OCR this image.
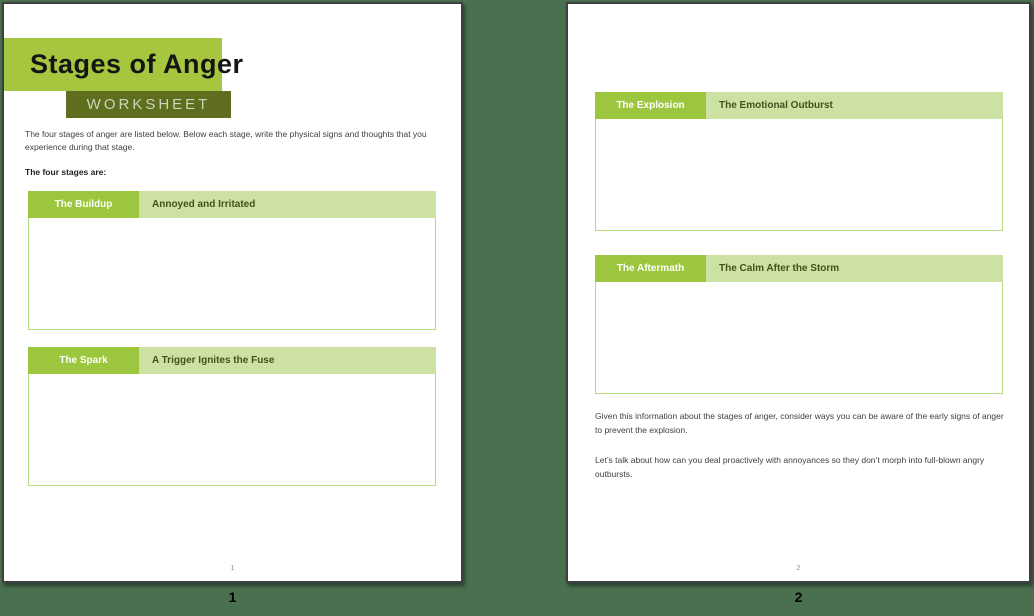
Stages of Anger
WORKSHEET
The four stages of anger are listed below. Below each stage, write the physical signs and thoughts that you experience during that stage.
The four stages are:
The Buildup	Annoyed and Irritated
The Spark	A Trigger Ignites the Fuse
1
The Explosion	The Emotional Outburst
The Aftermath	The Calm After the Storm
Given this information about the stages of anger, consider ways you can be aware of the early signs of anger to prevent the explosion.
Let’s talk about how can you deal proactively with annoyances so they don’t morph into full-blown angry outbursts.
2
1	2
